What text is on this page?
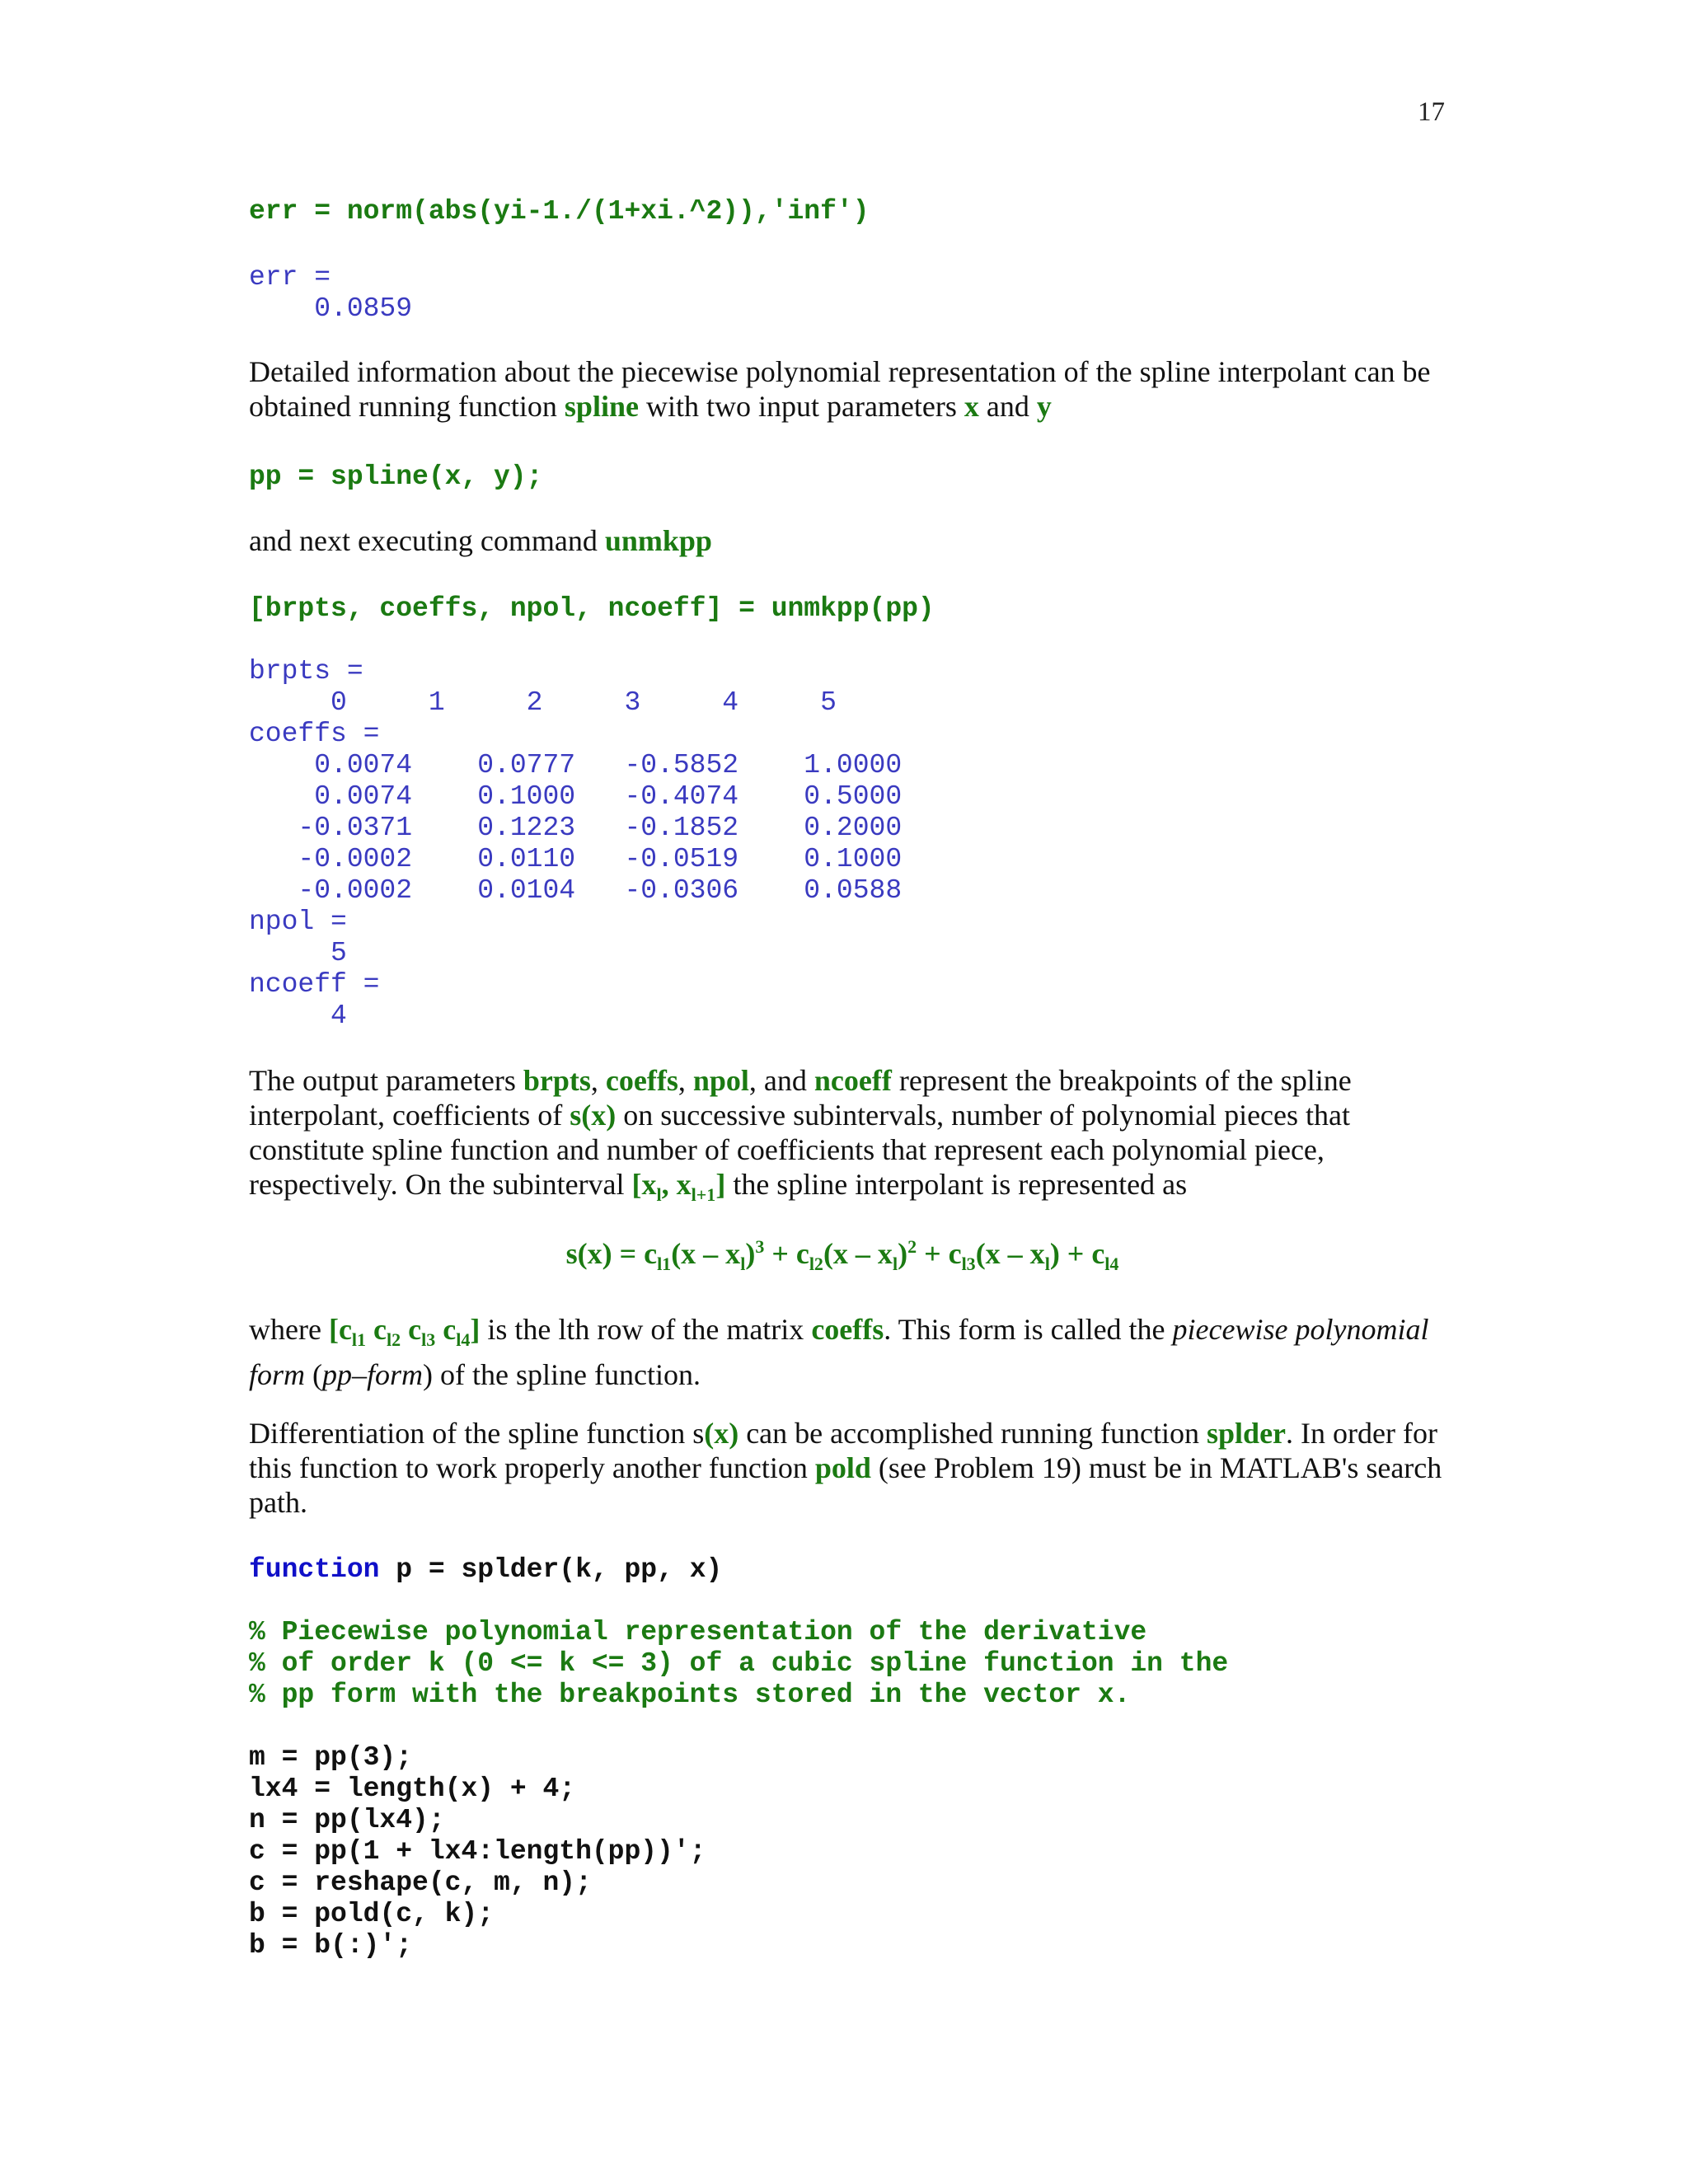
17
err = norm(abs(yi-1./(1+xi.^2)),'inf')
err =
0.0859

Detailed information about the piecewise polynomial representation of the spline interpolant can be obtained running function spline with two input parameters x and y

pp = spline(x, y);

and next executing command unmkpp

[brpts, coeffs, npol, ncoeff] = unmkpp(pp)
brpts =
0     1     2     3     4     5
coeffs =
0.0074    0.0777   -0.5852    1.0000
0.0074    0.1000   -0.4074    0.5000
-0.0371    0.1223   -0.1852    0.2000
-0.0002    0.0110   -0.0519    0.1000
-0.0002    0.0104   -0.0306    0.0588
npol =
5
ncoeff =
4

The output parameters brpts, coeffs, npol, and ncoeff represent the breakpoints of the spline interpolant, coefficients of s(x) on successive subintervals, number of polynomial pieces that constitute spline function and number of coefficients that represent each polynomial piece, respectively. On the subinterval [$x_l$, $x_{l+1}$] the spline interpolant is represented as

$s(x) = c_{l1}(x - x_l)^3 + c_{l2}(x - x_l)^2 + c_{l3}(x - x_l) + c_{l4}$

where [$c_{l1}$ $c_{l2}$ $c_{l3}$ $c_{l4}$] is the lth row of the matrix coeffs. This form is called the piecewise polynomial form (pp–form) of the spline function.

Differentiation of the spline function s(x) can be accomplished running function splder. In order for this function to work properly another function pold (see Problem 19) must be in MATLAB's search path.

function p = splder(k, pp, x)
% Piecewise polynomial representation of the derivative
% of order k (0 <= k <= 3) of a cubic spline function in the
% pp form with the breakpoints stored in the vector x.
m = pp(3);
lx4 = length(x) + 4;
n = pp(lx4);
c = pp(1 + lx4:length(pp))';
c = reshape(c, m, n);
b = pold(c, k);
b = b(:)';
